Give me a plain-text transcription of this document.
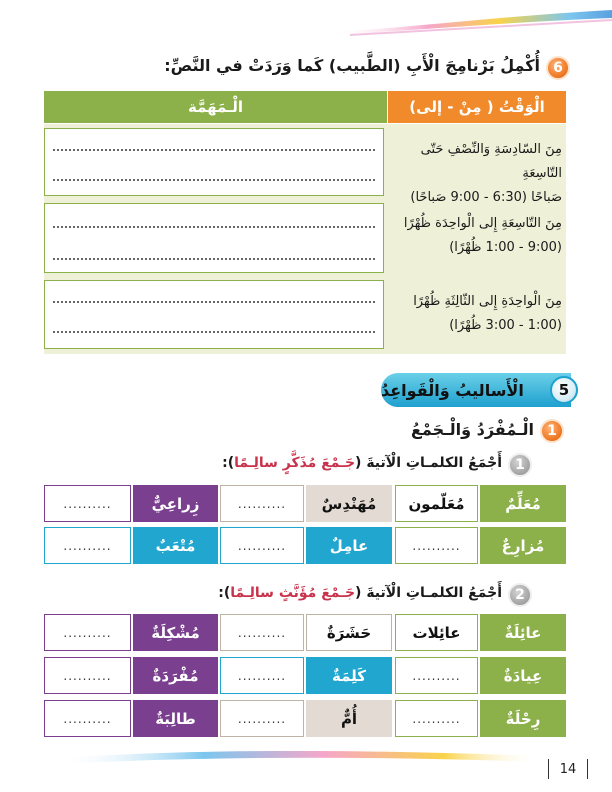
6
أُكْمِلُ بَرْنامِجَ الْأَبِ (الطَّبيب) كَما وَرَدَتْ في النَّصِّ:
الْوَقْتُ ( مِنْ - إلى)
الْـمَهَمَّة
مِنَ السّادِسَةِ وَالنِّصْفِ حَتّى التّاسِعَةِ
صَباحًا (6:30 - 9:00 صَباحًا)
مِنَ التّاسِعَةِ إِلى الْواحِدَة ظُهْرًا
(9:00 - 1:00 ظُهْرًا)
مِنَ الْواحِدَةِ إِلى الثّالِثَةِ ظُهْرًا
(1:00 - 3:00 ظُهْرًا)
الْأَساليبُ وَالْقَواعِدُ 5
1
الْـمُفْرَدُ وَالْـجَمْعُ
1
أَجْمَعُ الكلمـاتِ الْآتيةَ (جَـمْعَ مُذَكَّرٍ سالِـمًا):
مُعَلِّمٌ
مُعَلّمون
مُهَنْدِسٌ
..........
زِراعِيٌّ
..........
مُزارِعٌ
..........
عامِلٌ
..........
مُتْعَبٌ
..........
2
أَجْمَعُ الكلمـاتِ الْآتيةَ (جَـمْعَ مُؤَنَّثٍ سالِـمًا):
عائِلَةٌ
عائِلات
حَشَرَةٌ
..........
مُشْكِلَةٌ
..........
عِيادَةٌ
..........
كَلِمَةٌ
..........
مُفْرَدَةٌ
..........
رِحْلَةٌ
..........
أُمٌّ
..........
طالِبَةٌ
..........
14
